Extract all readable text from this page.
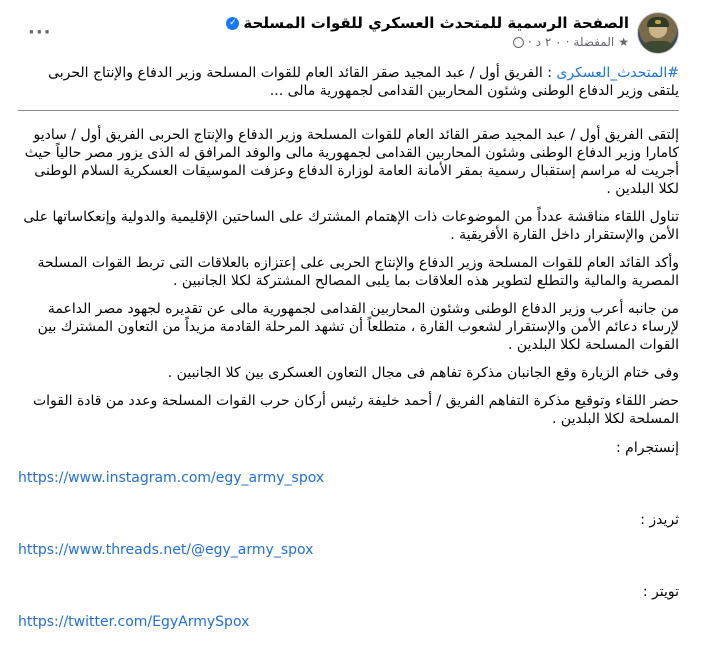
الصفحة الرسمية للمتحدث العسكري للقوات المسلحة
✓
★
المفضلة
·
٠ ٢ د
·
···

#المتحدث_العسكرى : الفريق أول / عبد المجيد صقر القائد العام للقوات المسلحة وزير الدفاع والإنتاج الحربى يلتقى وزير الدفاع الوطنى وشئون المحاربين القدامى لجمهورية مالى ...

إلتقى الفريق أول / عبد المجيد صقر القائد العام للقوات المسلحة وزير الدفاع والإنتاج الحربى الفريق أول / ساديو كامارا وزير الدفاع الوطنى وشئون المحاربين القدامى لجمهورية مالى والوفد المرافق له الذى يزور مصر حالياً حيث أجريت له مراسم إستقبال رسمية بمقر الأمانة العامة لوزارة الدفاع وعزفت الموسيقات العسكرية السلام الوطنى لكلا البلدين .

تناول اللقاء مناقشة عدداً من الموضوعات ذات الإهتمام المشترك على الساحتين الإقليمية والدولية وإنعكاساتها على الأمن والإستقرار داخل القارة الأفريقية .

وأكد القائد العام للقوات المسلحة وزير الدفاع والإنتاج الحربى على إعتزازه بالعلاقات التى تربط القوات المسلحة المصرية والمالية والتطلع لتطوير هذه العلاقات بما يلبى المصالح المشتركة لكلا الجانبين .

من جانبه أعرب وزير الدفاع الوطنى وشئون المحاربين القدامى لجمهورية مالى عن تقديره لجهود مصر الداعمة لإرساء دعائم الأمن والإستقرار لشعوب القارة ، متطلعاً أن تشهد المرحلة القادمة مزيداً من التعاون المشترك بين القوات المسلحة لكلا البلدين .

وفى ختام الزيارة وقع الجانبان مذكرة تفاهم فى مجال التعاون العسكرى بين كلا الجانبين .

حضر اللقاء وتوقيع مذكرة التفاهم الفريق / أحمد خليفة رئيس أركان حرب القوات المسلحة وعدد من قادة القوات المسلحة لكلا البلدين .

إنستجرام :

https://www.instagram.com/egy_army_spox

ثريدز :

https://www.threads.net/@egy_army_spox

تويتر :

https://twitter.com/EgyArmySpox
